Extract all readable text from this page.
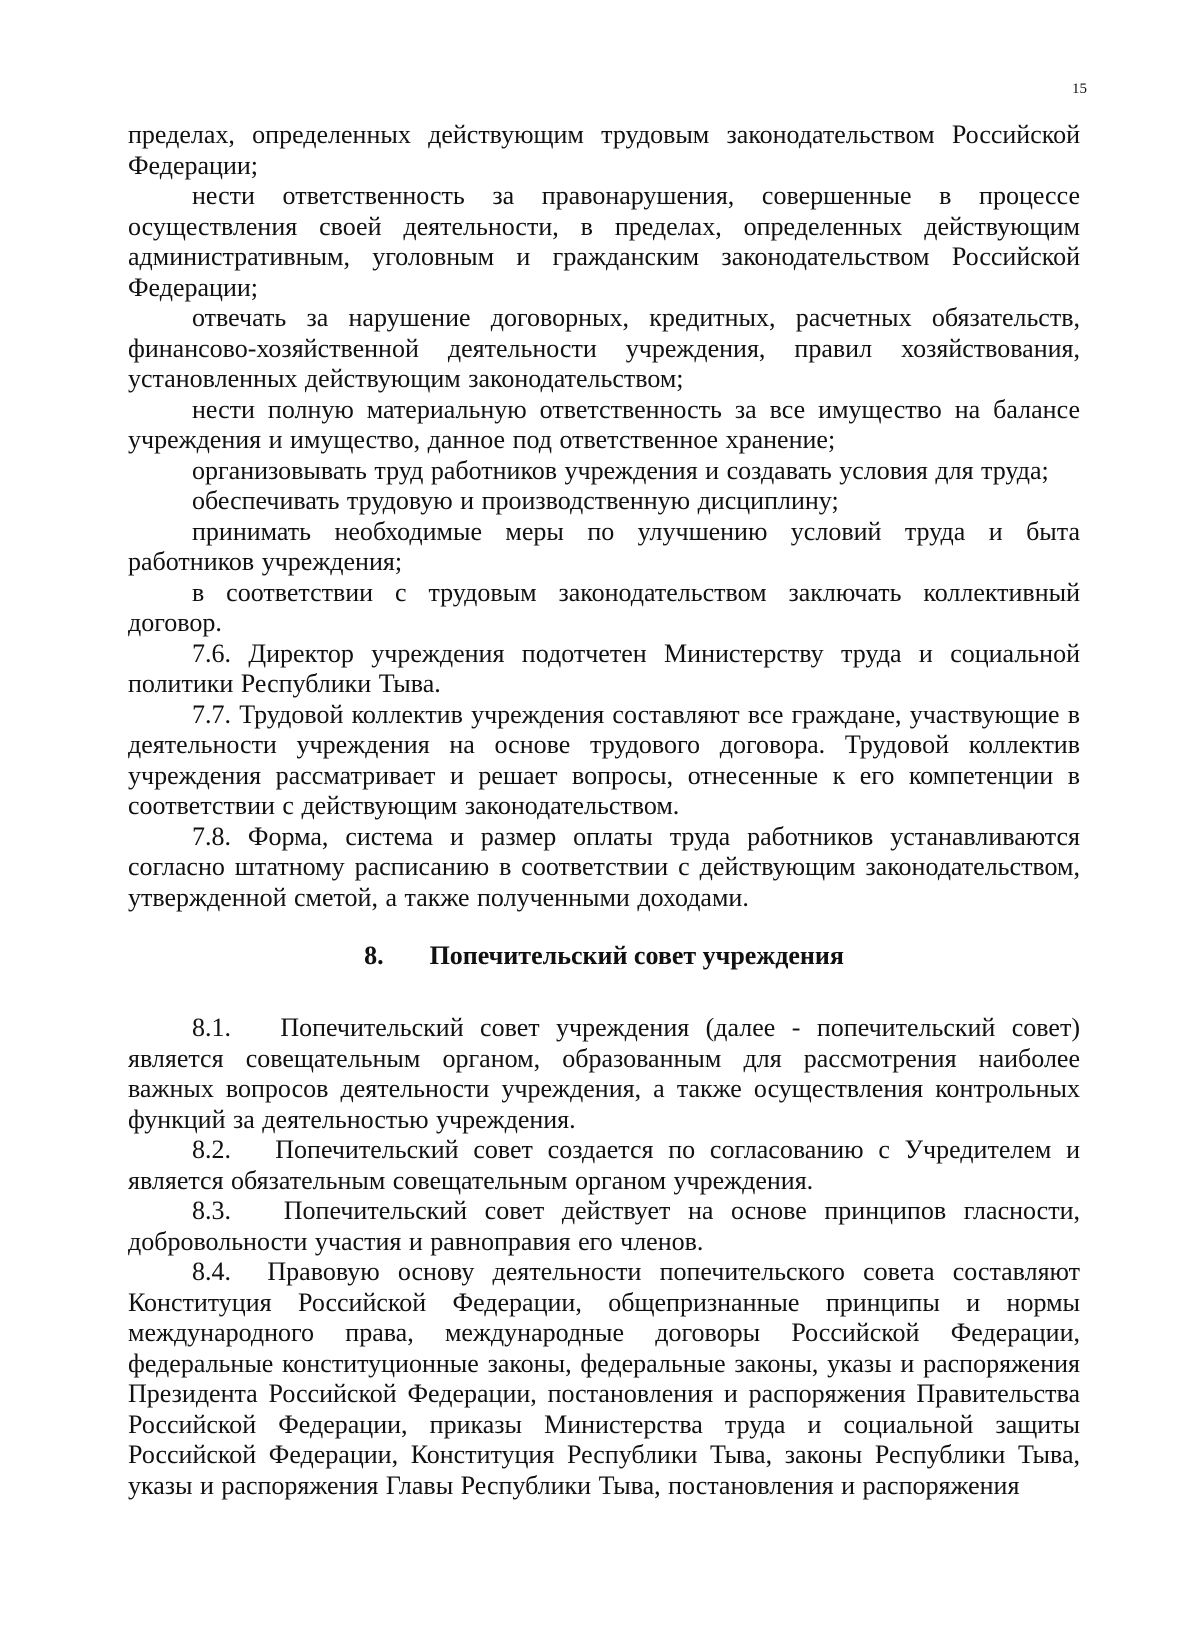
15

пределах, определенных действующим трудовым законодательством Российской Федерации;

нести ответственность за правонарушения, совершенные в процессе осуществления своей деятельности, в пределах, определенных действующим административным, уголовным и гражданским законодательством Российской Федерации;

отвечать за нарушение договорных, кредитных, расчетных обязательств, финансово-хозяйственной деятельности учреждения, правил хозяйствования, установленных действующим законодательством;

нести полную материальную ответственность за все имущество на балансе учреждения и имущество, данное под ответственное хранение;

организовывать труд работников учреждения и создавать условия для труда;

обеспечивать трудовую и производственную дисциплину;

принимать необходимые меры по улучшению условий труда и быта работников учреждения;

в соответствии с трудовым законодательством заключать коллективный договор.

7.6. Директор учреждения подотчетен Министерству труда и социальной политики Республики Тыва.

7.7. Трудовой коллектив учреждения составляют все граждане, участвующие в деятельности учреждения на основе трудового договора. Трудовой коллектив учреждения рассматривает и решает вопросы, отнесенные к его компетенции в соответствии с действующим законодательством.

7.8. Форма, система и размер оплаты труда работников устанавливаются согласно штатному расписанию в соответствии с действующим законодательством, утвержденной сметой, а также полученными доходами.

8. Попечительский совет учреждения

8.1.   Попечительский совет учреждения (далее - попечительский совет) является совещательным органом, образованным для рассмотрения наиболее важных вопросов деятельности учреждения, а также осуществления контрольных функций за деятельностью учреждения.

8.2.   Попечительский совет создается по согласованию с Учредителем и является обязательным совещательным органом учреждения.

8.3.   Попечительский совет действует на основе принципов гласности, добровольности участия и равноправия его членов.

8.4.  Правовую основу деятельности попечительского совета составляют Конституция Российской Федерации, общепризнанные принципы и нормы международного права, международные договоры Российской Федерации, федеральные конституционные законы, федеральные законы, указы и распоряжения Президента Российской Федерации, постановления и распоряжения Правительства Российской Федерации, приказы Министерства труда и социальной защиты Российской Федерации, Конституция Республики Тыва, законы Республики Тыва, указы и распоряжения Главы Республики Тыва, постановления и распоряжения
